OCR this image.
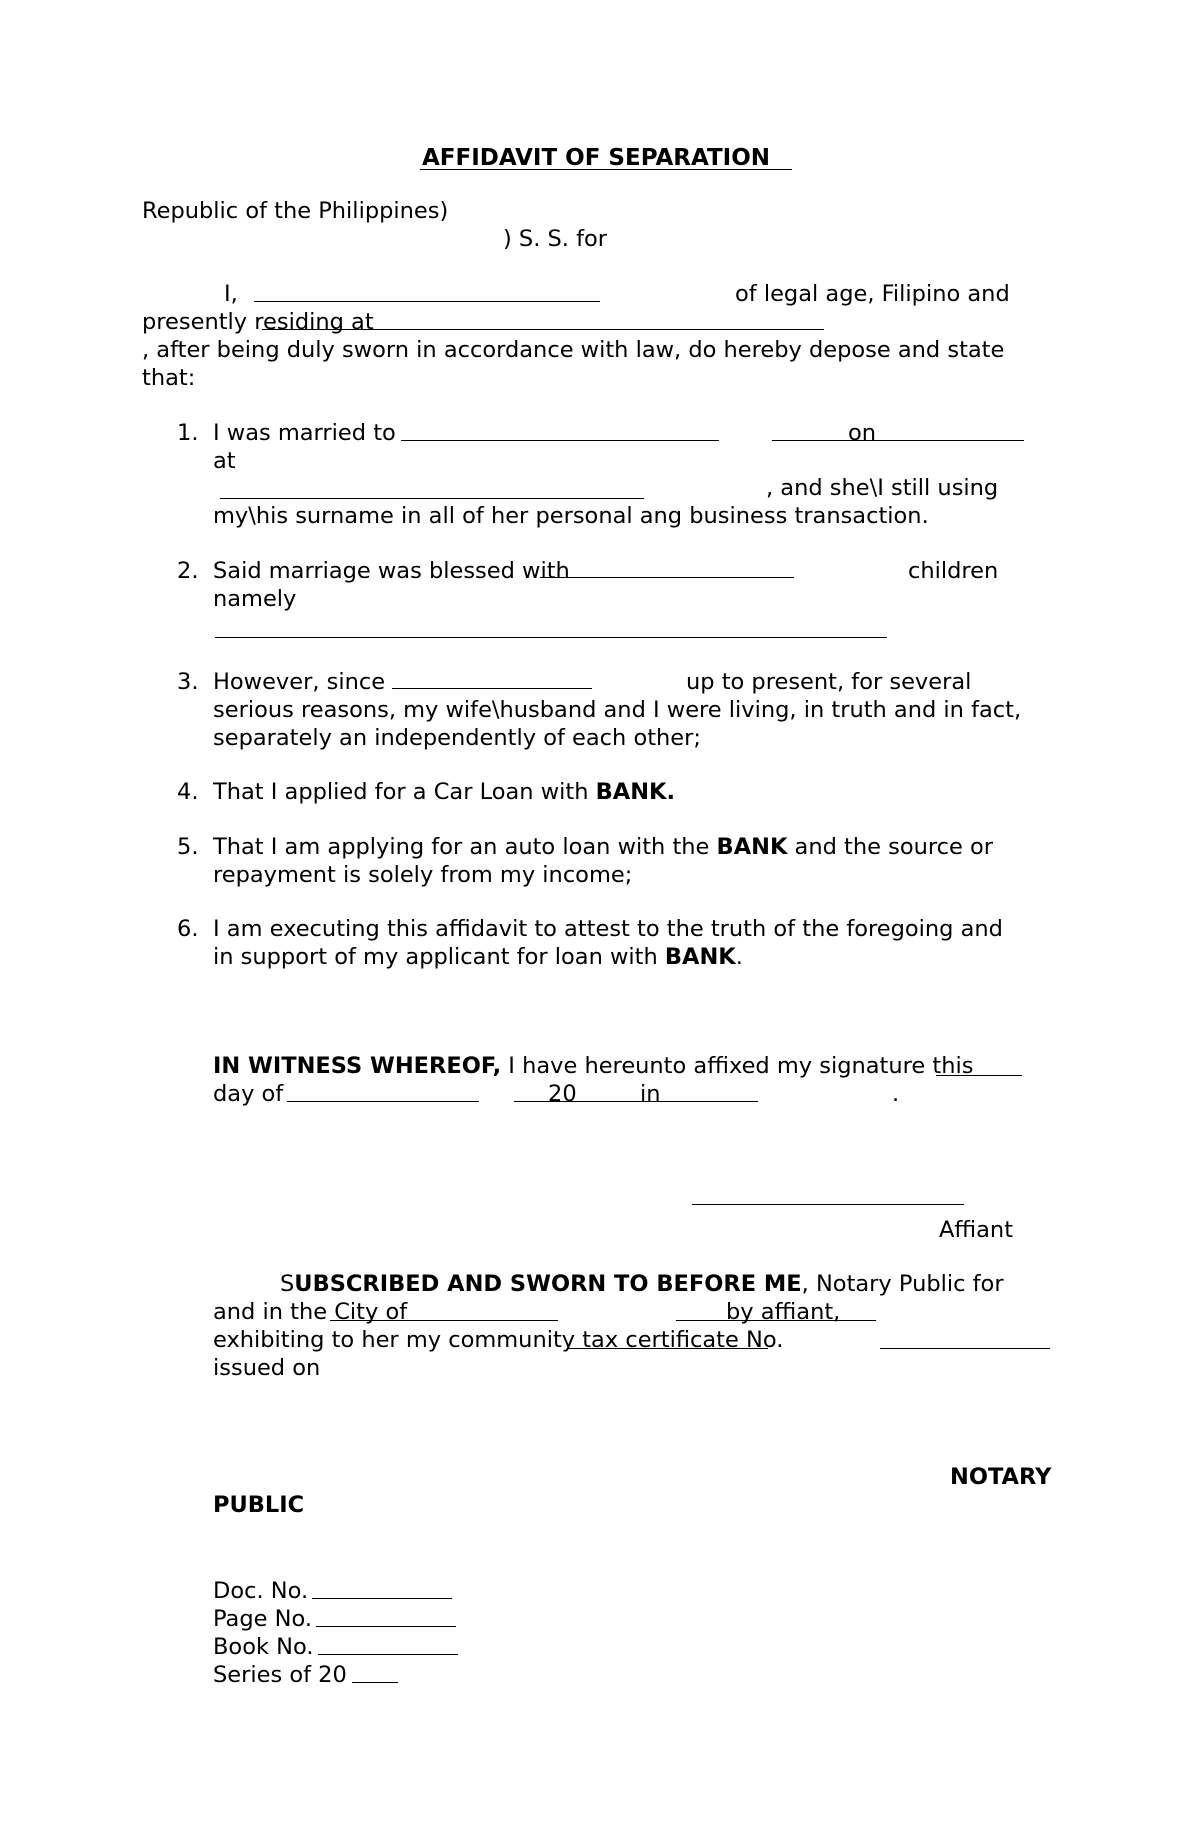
AFFIDAVIT OF SEPARATION
Republic of the Philippines)
) S. S. for
I,	of legal age, Filipino and
presently residing at
, after being duly sworn in accordance with law, do hereby depose and state
that:
1. I was married to	on
at
, and she\I still using
my\his surname in all of her personal ang business transaction.
2. Said marriage was blessed with	children
namely
3. However, since	up to present, for several
serious reasons, my wife\husband and I were living, in truth and in fact,
separately an independently of each other;
4. That I applied for a Car Loan with BANK.
5. That I am applying for an auto loan with the BANK and the source or
repayment is solely from my income;
6. I am executing this affidavit to attest to the truth of the foregoing and
in support of my applicant for loan with BANK.
IN WITNESS WHEREOF, I have hereunto affixed my signature this
day of	20	in	.
Affiant
SUBSCRIBED AND SWORN TO BEFORE ME, Notary Public for
and in the City of	by affiant,
exhibiting to her my community tax certificate No.
issued on
NOTARY
PUBLIC
Doc. No.
Page No.
Book No.
Series of 20
